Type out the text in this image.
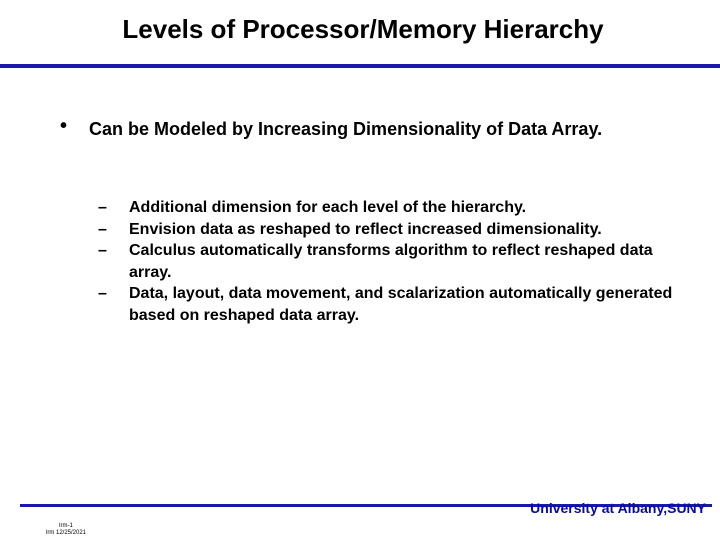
Levels of Processor/Memory Hierarchy
• Can be Modeled by Increasing Dimensionality of Data Array.
– Additional dimension for each level of the hierarchy.
– Envision data as reshaped to reflect increased dimensionality.
– Calculus automatically transforms algorithm to reflect reshaped data array.
– Data, layout, data movement, and scalarization automatically generated based on reshaped data array.
University at Albany,SUNY
lrm-1
lrm 12/25/2021
